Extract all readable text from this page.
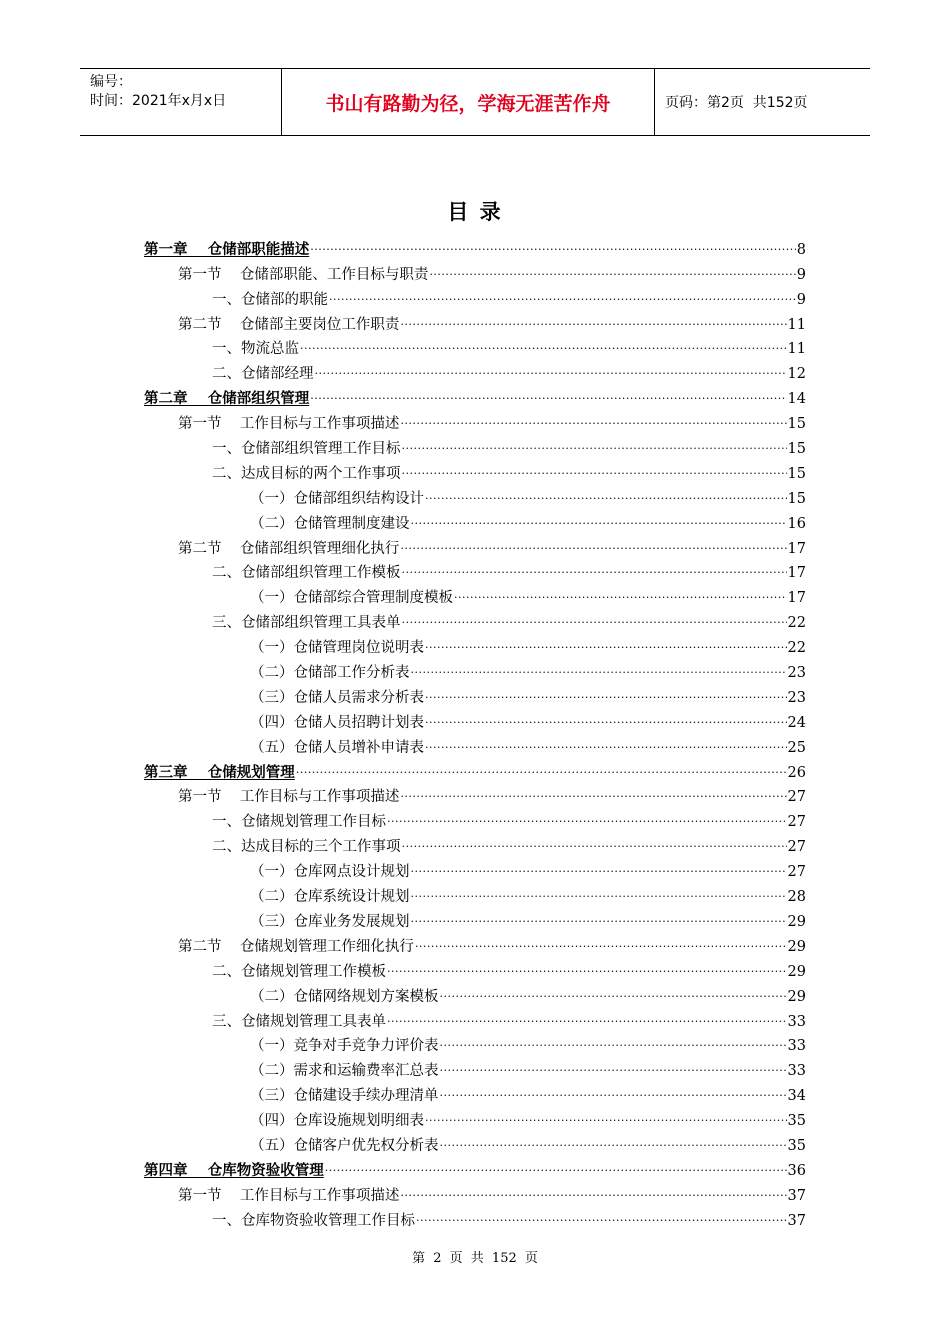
编号：
时间：2021年x月x日	书山有路勤为径，学海无涯苦作舟	页码：第2页  共152页
目 录
第一章    仓储部职能描述 .....	8
第一节    仓储部职能、工作目标与职责 .....	9
一、仓储部的职能 .....	9
第二节    仓储部主要岗位工作职责 .....	11
一、物流总监 .....	11
二、仓储部经理 .....	12
第二章    仓储部组织管理 .....	14
第一节    工作目标与工作事项描述 .....	15
一、仓储部组织管理工作目标 .....	15
二、达成目标的两个工作事项 .....	15
（一）仓储部组织结构设计 .....	15
（二）仓储管理制度建设 .....	16
第二节    仓储部组织管理细化执行 .....	17
二、仓储部组织管理工作模板 .....	17
（一）仓储部综合管理制度模板 .....	17
三、仓储部组织管理工具表单 .....	22
（一）仓储管理岗位说明表 .....	22
（二）仓储部工作分析表 .....	23
（三）仓储人员需求分析表 .....	23
（四）仓储人员招聘计划表 .....	24
（五）仓储人员增补申请表 .....	25
第三章    仓储规划管理 .....	26
第一节    工作目标与工作事项描述 .....	27
一、仓储规划管理工作目标 .....	27
二、达成目标的三个工作事项 .....	27
（一）仓库网点设计规划 .....	27
（二）仓库系统设计规划 .....	28
（三）仓库业务发展规划 .....	29
第二节    仓储规划管理工作细化执行 .....	29
二、仓储规划管理工作模板 .....	29
（二）仓储网络规划方案模板 .....	29
三、仓储规划管理工具表单 .....	33
（一）竞争对手竞争力评价表 .....	33
（二）需求和运输费率汇总表 .....	33
（三）仓储建设手续办理清单 .....	34
（四）仓库设施规划明细表 .....	35
（五）仓储客户优先权分析表 .....	35
第四章    仓库物资验收管理 .....	36
第一节    工作目标与工作事项描述 .....	37
一、仓库物资验收管理工作目标 .....	37
第 2 页 共 152 页
